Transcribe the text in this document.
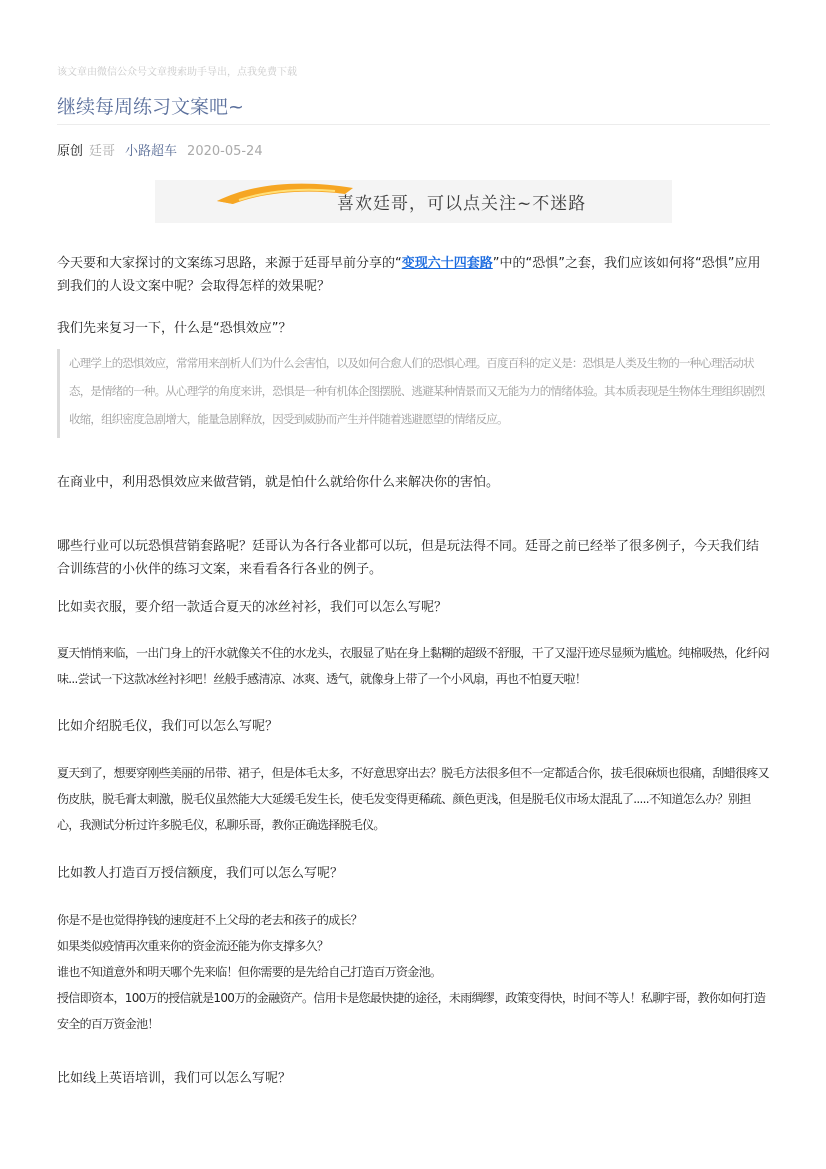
该文章由微信公众号文章搜索助手导出，点我免费下载
继续每周练习文案吧~
原创 廷哥 小路超车 2020-05-24
喜欢廷哥，可以点关注~不迷路

今天要和大家探讨的文案练习思路，来源于廷哥早前分享的“变现六十四套路”中的“恐惧”之套，我们应该如何将“恐惧”应用到我们的人设文案中呢？会取得怎样的效果呢？

我们先来复习一下，什么是“恐惧效应”？

心理学上的恐惧效应，常常用来剖析人们为什么会害怕，以及如何合愈人们的恐惧心理。百度百科的定义是：恐惧是人类及生物的一种心理活动状态，是情绪的一种。从心理学的角度来讲，恐惧是一种有机体企图摆脱、逃避某种情景而又无能为力的情绪体验。其本质表现是生物体生理组织剧烈收缩，组织密度急剧增大，能量急剧释放，因受到威胁而产生并伴随着逃避愿望的情绪反应。

在商业中，利用恐惧效应来做营销，就是怕什么就给你什么来解决你的害怕。

哪些行业可以玩恐惧营销套路呢？廷哥认为各行各业都可以玩，但是玩法得不同。廷哥之前已经举了很多例子，今天我们结合训练营的小伙伴的练习文案，来看看各行各业的例子。

比如卖衣服，要介绍一款适合夏天的冰丝衬衫，我们可以怎么写呢？

夏天悄悄来临，一出门身上的汗水就像关不住的水龙头，衣服显了贴在身上黏糊的超级不舒服，干了又湿汗迹尽显频为尴尬。纯棉吸热，化纤闷味...尝试一下这款冰丝衬衫吧！丝般手感清凉、冰爽、透气，就像身上带了一个小风扇，再也不怕夏天啦！

比如介绍脱毛仪，我们可以怎么写呢？

夏天到了，想要穿刚些美丽的吊带、裙子，但是体毛太多，不好意思穿出去？脱毛方法很多但不一定都适合你，拔毛很麻烦也很痛，刮蜡很疼又伤皮肤，脱毛膏太刺激，脱毛仪虽然能大大延缓毛发生长，使毛发变得更稀疏、颜色更浅，但是脱毛仪市场太混乱了.....不知道怎么办？别担心，我测试分析过许多脱毛仪，私聊乐哥，教你正确选择脱毛仪。

比如教人打造百万授信额度，我们可以怎么写呢？

你是不是也觉得挣钱的速度赶不上父母的老去和孩子的成长？
如果类似疫情再次重来你的资金流还能为你支撑多久？
谁也不知道意外和明天哪个先来临！但你需要的是先给自己打造百万资金池。
授信即资本，100万的授信就是100万的金融资产。信用卡是您最快捷的途径，未雨绸缪，政策变得快，时间不等人！私聊宇哥，教你如何打造安全的百万资金池！

比如线上英语培训，我们可以怎么写呢？
